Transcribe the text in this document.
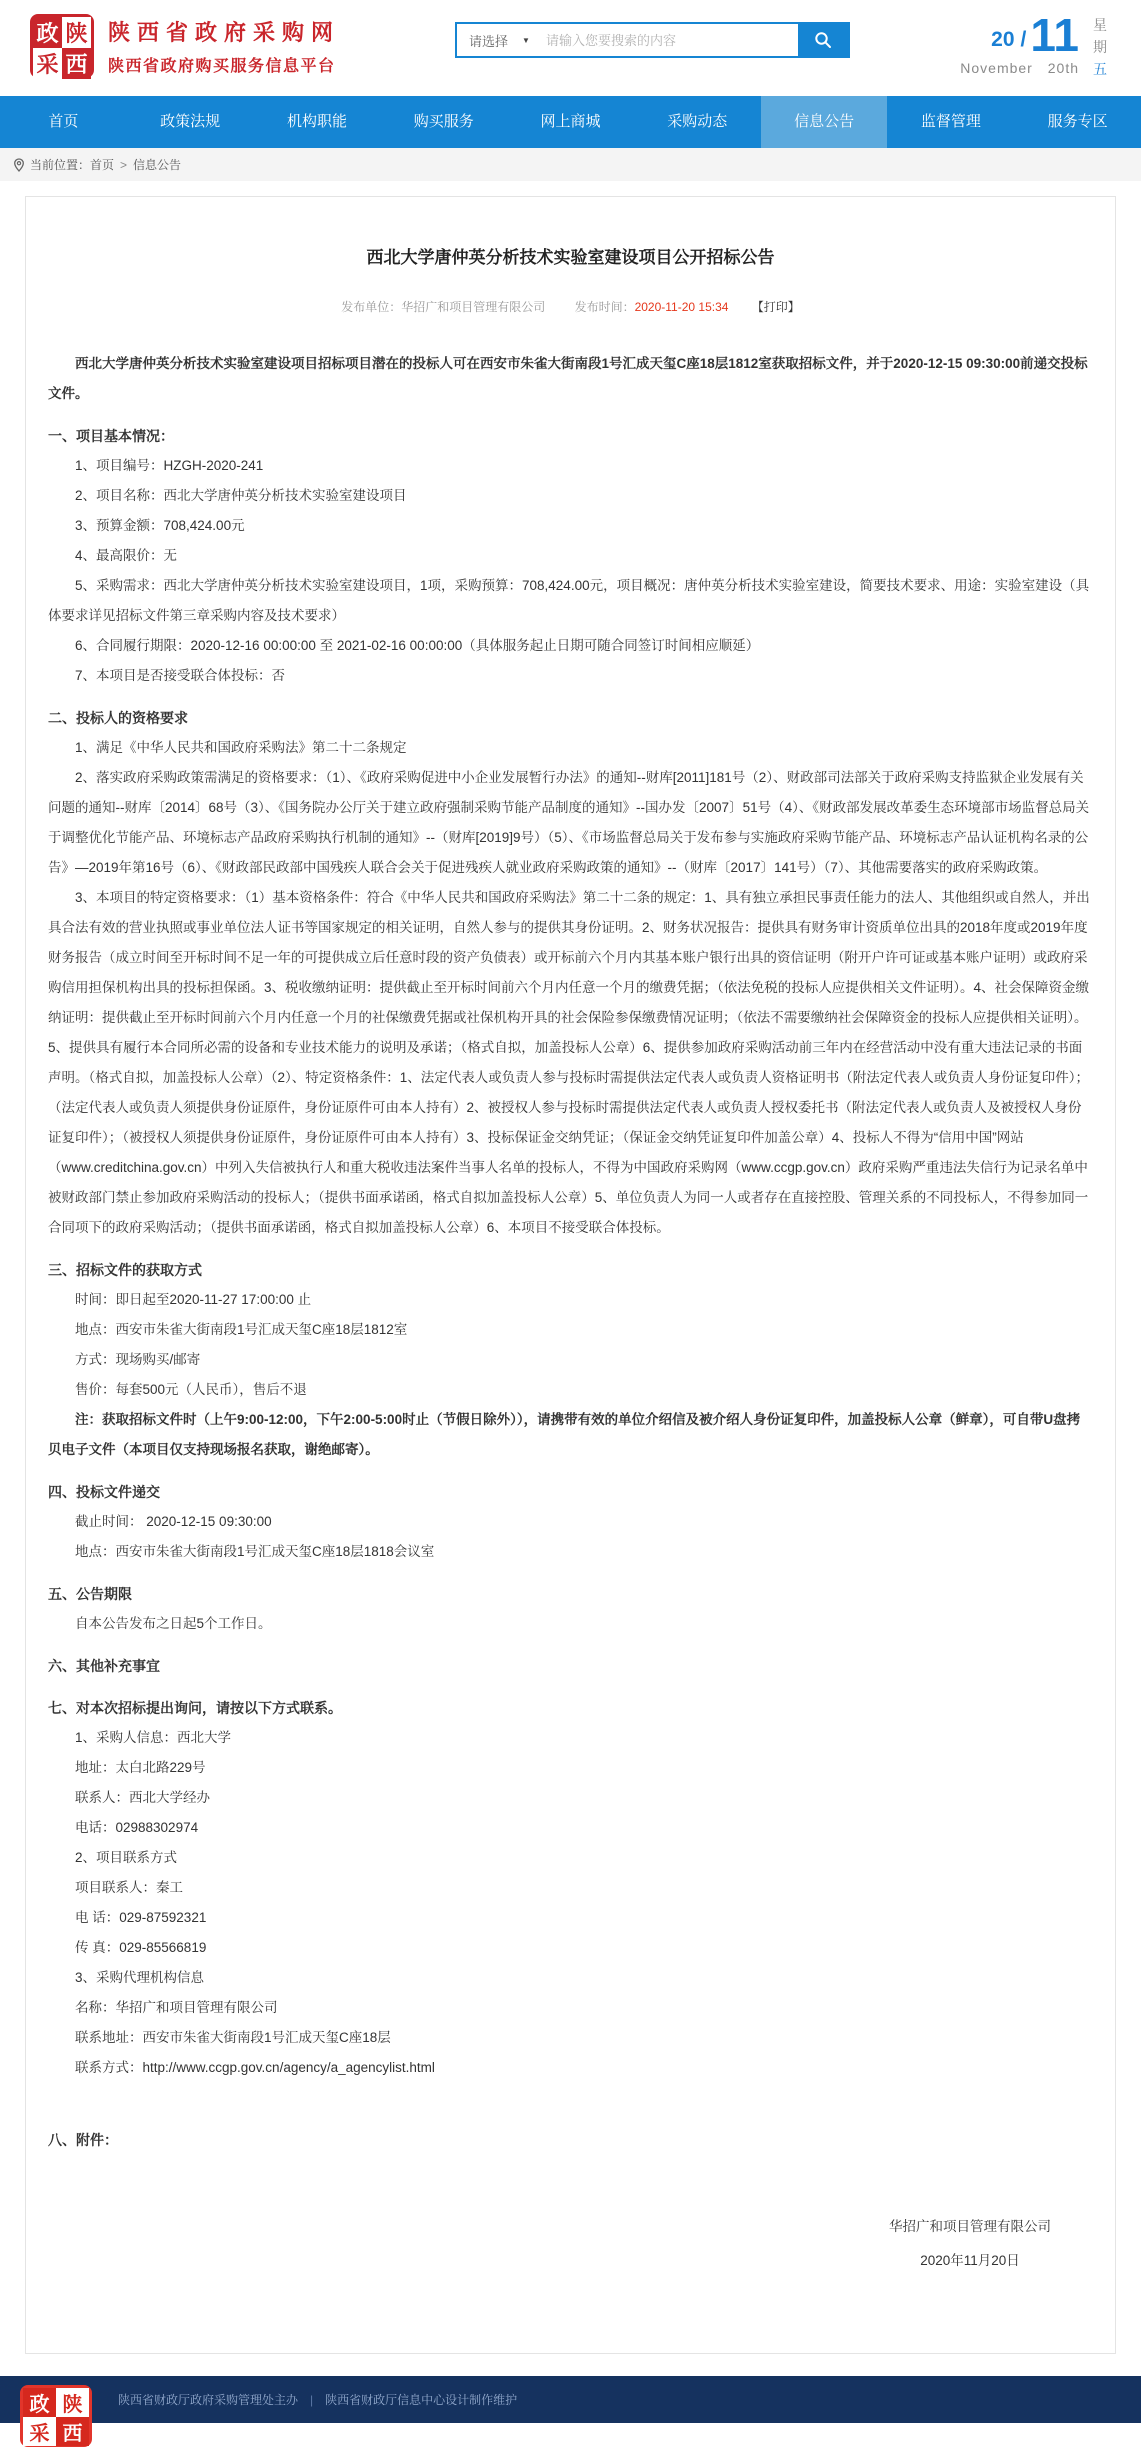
政 陕
采 西
陕西省政府采购网
陕西省政府购买服务信息平台
请选择 ▼
请输入您要搜索的内容	20 / 11
November 20th
星
期
五
首页	政策法规	机构职能	购买服务	网上商城	采购动态	信息公告	监督管理	服务专区
当前位置： 首页 > 信息公告
西北大学唐仲英分析技术实验室建设项目公开招标公告
发布单位：华招广和项目管理有限公司 发布时间：2020-11-20 15:34 【打印】

西北大学唐仲英分析技术实验室建设项目招标项目潜在的投标人可在西安市朱雀大街南段1号汇成天玺C座18层1812室获取招标文件，并于2020-12-15 09:30:00前递交投标文件。

一、项目基本情况：

1、项目编号：HZGH-2020-241

2、项目名称：西北大学唐仲英分析技术实验室建设项目

3、预算金额：708,424.00元

4、最高限价：无

5、采购需求：西北大学唐仲英分析技术实验室建设项目，1项，采购预算：708,424.00元，项目概况：唐仲英分析技术实验室建设，简要技术要求、用途：实验室建设（具体要求详见招标文件第三章采购内容及技术要求）

6、合同履行期限：2020-12-16 00:00:00 至 2021-02-16 00:00:00（具体服务起止日期可随合同签订时间相应顺延）

7、本项目是否接受联合体投标：否

二、投标人的资格要求

1、满足《中华人民共和国政府采购法》第二十二条规定

2、落实政府采购政策需满足的资格要求：（1）、《政府采购促进中小企业发展暂行办法》的通知--财库[2011]181号（2）、财政部司法部关于政府采购支持监狱企业发展有关问题的通知--财库〔2014〕68号（3）、《国务院办公厅关于建立政府强制采购节能产品制度的通知》--国办发〔2007〕51号（4）、《财政部发展改革委生态环境部市场监督总局关于调整优化节能产品、环境标志产品政府采购执行机制的通知》--（财库[2019]9号）（5）、《市场监督总局关于发布参与实施政府采购节能产品、环境标志产品认证机构名录的公告》—2019年第16号（6）、《财政部民政部中国残疾人联合会关于促进残疾人就业政府采购政策的通知》--（财库〔2017〕141号）（7）、其他需要落实的政府采购政策。

3、本项目的特定资格要求：（1）基本资格条件：符合《中华人民共和国政府采购法》第二十二条的规定：1、具有独立承担民事责任能力的法人、其他组织或自然人，并出具合法有效的营业执照或事业单位法人证书等国家规定的相关证明，自然人参与的提供其身份证明。2、财务状况报告：提供具有财务审计资质单位出具的2018年度或2019年度财务报告（成立时间至开标时间不足一年的可提供成立后任意时段的资产负债表）或开标前六个月内其基本账户银行出具的资信证明（附开户许可证或基本账户证明）或政府采购信用担保机构出具的投标担保函。3、税收缴纳证明：提供截止至开标时间前六个月内任意一个月的缴费凭据；（依法免税的投标人应提供相关文件证明）。4、社会保障资金缴纳证明：提供截止至开标时间前六个月内任意一个月的社保缴费凭据或社保机构开具的社会保险参保缴费情况证明；（依法不需要缴纳社会保障资金的投标人应提供相关证明）。5、提供具有履行本合同所必需的设备和专业技术能力的说明及承诺；（格式自拟，加盖投标人公章）6、提供参加政府采购活动前三年内在经营活动中没有重大违法记录的书面声明。（格式自拟，加盖投标人公章）（2）、特定资格条件：1、法定代表人或负责人参与投标时需提供法定代表人或负责人资格证明书（附法定代表人或负责人身份证复印件）；（法定代表人或负责人须提供身份证原件，身份证原件可由本人持有）2、被授权人参与投标时需提供法定代表人或负责人授权委托书（附法定代表人或负责人及被授权人身份证复印件）；（被授权人须提供身份证原件，身份证原件可由本人持有）3、投标保证金交纳凭证；（保证金交纳凭证复印件加盖公章）4、投标人不得为“信用中国”网站（www.creditchina.gov.cn）中列入失信被执行人和重大税收违法案件当事人名单的投标人，不得为中国政府采购网（www.ccgp.gov.cn）政府采购严重违法失信行为记录名单中被财政部门禁止参加政府采购活动的投标人；（提供书面承诺函，格式自拟加盖投标人公章）5、单位负责人为同一人或者存在直接控股、管理关系的不同投标人，不得参加同一合同项下的政府采购活动；（提供书面承诺函，格式自拟加盖投标人公章）6、本项目不接受联合体投标。

三、招标文件的获取方式

时间：即日起至2020-11-27 17:00:00 止

地点：西安市朱雀大街南段1号汇成天玺C座18层1812室

方式：现场购买/邮寄

售价：每套500元（人民币），售后不退

注：获取招标文件时（上午9:00-12:00，下午2:00-5:00时止（节假日除外）），请携带有效的单位介绍信及被介绍人身份证复印件，加盖投标人公章（鲜章），可自带U盘拷贝电子文件（本项目仅支持现场报名获取，谢绝邮寄）。

四、投标文件递交

截止时间： 2020-12-15 09:30:00

地点：西安市朱雀大街南段1号汇成天玺C座18层1818会议室

五、公告期限

自本公告发布之日起5个工作日。

六、其他补充事宜
七、对本次招标提出询问，请按以下方式联系。

1、采购人信息：西北大学

地址：太白北路229号

联系人：西北大学经办

电话：02988302974

2、项目联系方式

项目联系人：秦工

电 话：029-87592321

传 真：029-85566819

3、采购代理机构信息

名称：华招广和项目管理有限公司

联系地址：西安市朱雀大街南段1号汇成天玺C座18层

联系方式：http://www.ccgp.gov.cn/agency/a_agencylist.html

八、附件：
华招广和项目管理有限公司
2020年11月20日
政 陕
采 西
陕西省财政厅政府采购管理处主办 | 陕西省财政厅信息中心设计制作维护
